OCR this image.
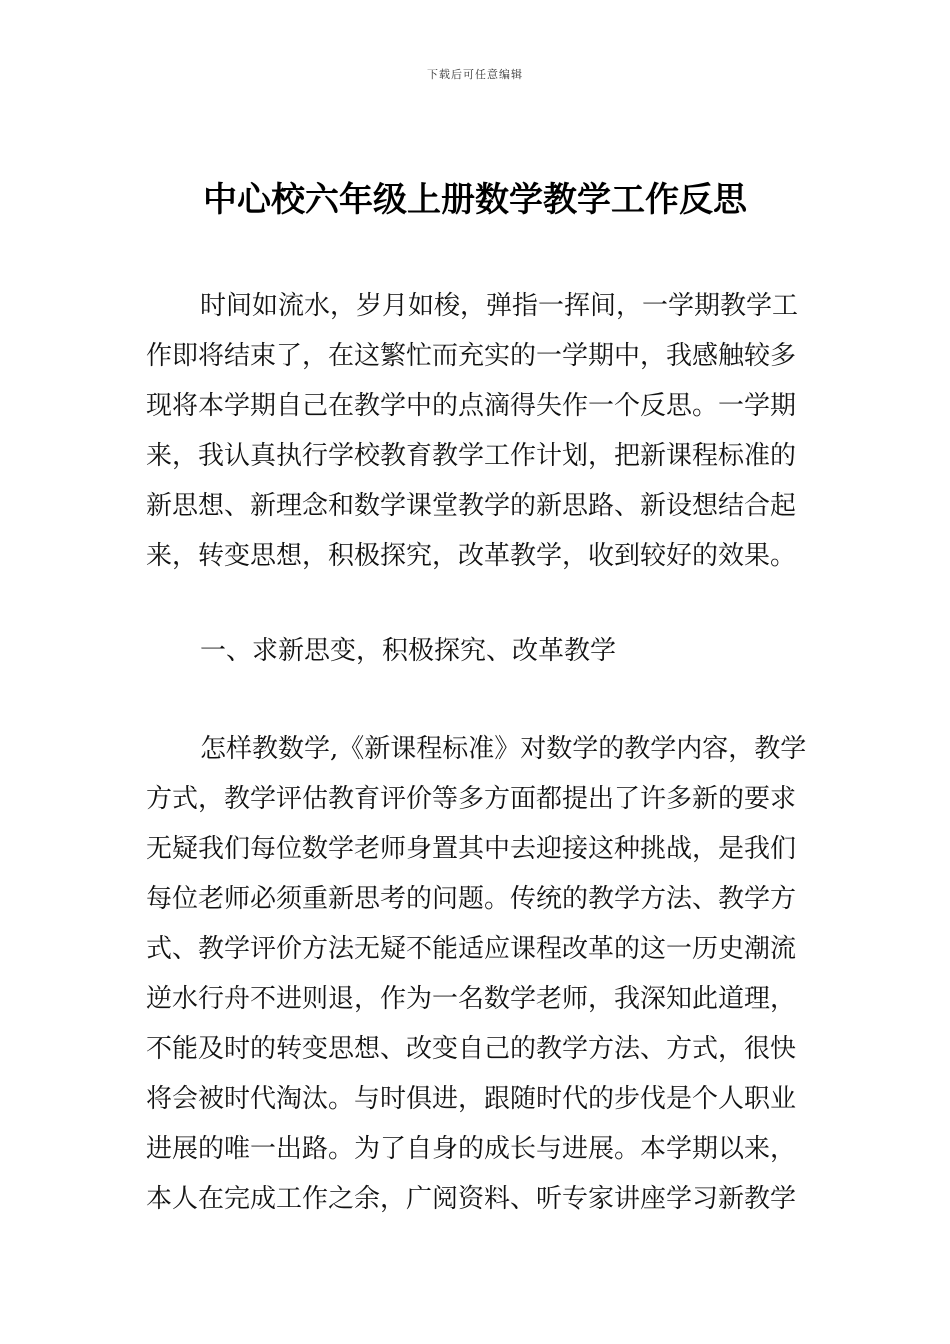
下载后可任意编辑
中心校六年级上册数学教学工作反思
时间如流水，岁月如梭，弹指一挥间，一学期教学工
作即将结束了，在这繁忙而充实的一学期中，我感触较多
现将本学期自己在教学中的点滴得失作一个反思。一学期
来，我认真执行学校教育教学工作计划，把新课程标准的
新思想、新理念和数学课堂教学的新思路、新设想结合起
来，转变思想，积极探究，改革教学，收到较好的效果。
一、求新思变，积极探究、改革教学
怎样教数学,《新课程标准》对数学的教学内容，教学
方式，教学评估教育评价等多方面都提出了许多新的要求
无疑我们每位数学老师身置其中去迎接这种挑战，是我们
每位老师必须重新思考的问题。传统的教学方法、教学方
式、教学评价方法无疑不能适应课程改革的这一历史潮流
逆水行舟不进则退，作为一名数学老师，我深知此道理，
不能及时的转变思想、改变自己的教学方法、方式，很快
将会被时代淘汰。与时俱进，跟随时代的步伐是个人职业
进展的唯一出路。为了自身的成长与进展。本学期以来，
本人在完成工作之余，广阅资料、听专家讲座学习新教学
